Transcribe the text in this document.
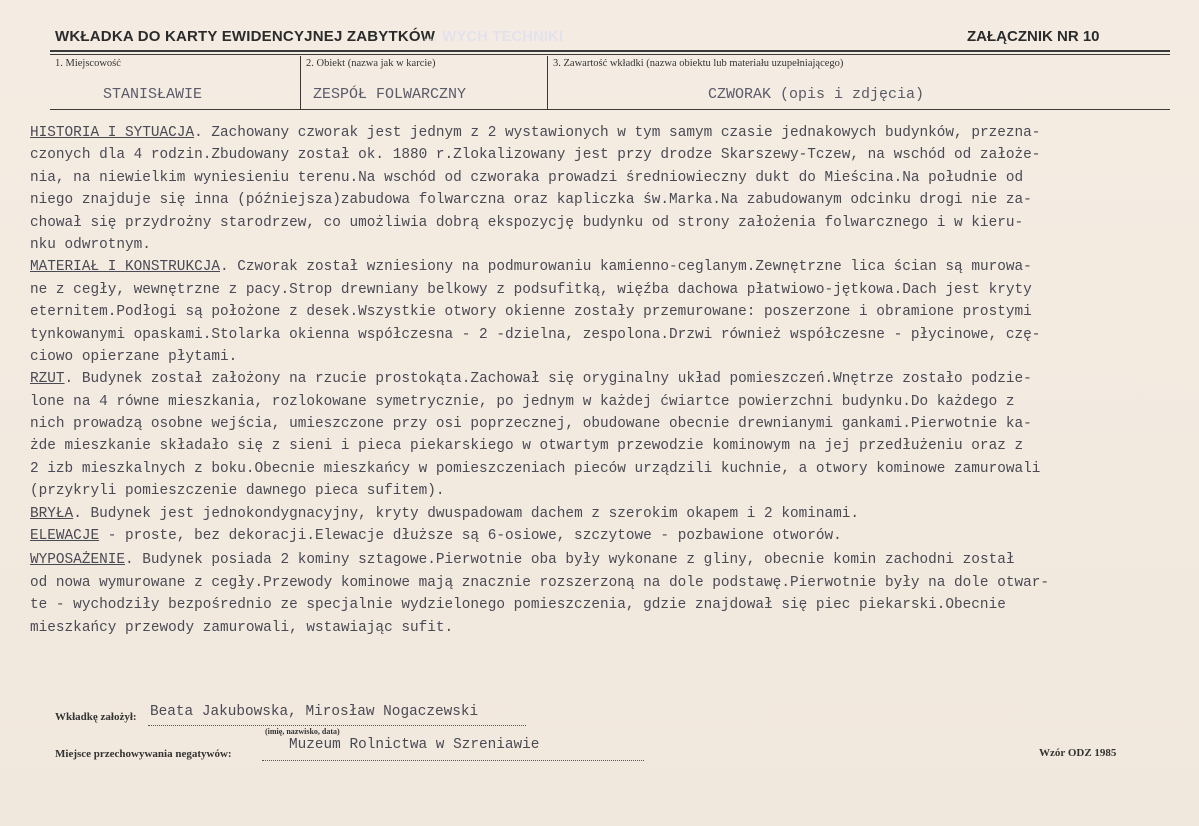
WKŁADKA DO KARTY EWIDENCYJNEJ ZABYTKÓW
… WYCH TECHNIKI	ZAŁĄCZNIK NR 10
1. Miejscowość
STANISŁAWIE
2. Obiekt (nazwa jak w karcie)
ZESPÓŁ FOLWARCZNY
3. Zawartość wkładki (nazwa obiektu lub materiału uzupełniającego)
CZWORAK (opis i zdjęcia)
HISTORIA I SYTUACJA. Zachowany czworak jest jednym z 2 wystawionych w tym samym czasie jednakowych budynków, przezna-
czonych dla 4 rodzin.Zbudowany został ok. 1880 r.Zlokalizowany jest przy drodze Skarszewy-Tczew, na wschód od założe-
nia, na niewielkim wyniesieniu terenu.Na wschód od czworaka prowadzi średniowieczny dukt do Mieścina.Na południe od
niego znajduje się inna (późniejsza)zabudowa folwarczna oraz kapliczka św.Marka.Na zabudowanym odcinku drogi nie za-
chował się przydrożny starodrzew, co umożliwia dobrą ekspozycję budynku od strony założenia folwarcznego i w kieru-
nku odwrotnym.
MATERIAŁ I KONSTRUKCJA. Czworak został wzniesiony na podmurowaniu kamienno-ceglanym.Zewnętrzne lica ścian są murowa-
ne z cegły, wewnętrzne z pacy.Strop drewniany belkowy z podsufitką, więźba dachowa płatwiowo-jętkowa.Dach jest kryty
eternitem.Podłogi są położone z desek.Wszystkie otwory okienne zostały przemurowane: poszerzone i obramione prostymi
tynkowanymi opaskami.Stolarka okienna współczesna - 2 -dzielna, zespolona.Drzwi również współczesne - płycinowe, czę-
ciowo opierzane płytami.
RZUT. Budynek został założony na rzucie prostokąta.Zachował się oryginalny układ pomieszczeń.Wnętrze zostało podzie-
lone na 4 równe mieszkania, rozlokowane symetrycznie, po jednym w każdej ćwiartce powierzchni budynku.Do każdego z
nich prowadzą osobne wejścia, umieszczone przy osi poprzecznej, obudowane obecnie drewnianymi gankami.Pierwotnie ka-
żde mieszkanie składało się z sieni i pieca piekarskiego w otwartym przewodzie kominowym na jej przedłużeniu oraz z
2 izb mieszkalnych z boku.Obecnie mieszkańcy w pomieszczeniach pieców urządzili kuchnie, a otwory kominowe zamurowali
(przykryli pomieszczenie dawnego pieca sufitem).
BRYŁA. Budynek jest jednokondygnacyjny, kryty dwuspadowam dachem z szerokim okapem i 2 kominami.
ELEWACJE - proste, bez dekoracji.Elewacje dłuższe są 6-osiowe, szczytowe - pozbawione otworów.
WYPOSAŻENIE. Budynek posiada 2 kominy sztagowe.Pierwotnie oba były wykonane z gliny, obecnie komin zachodni został
od nowa wymurowane z cegły.Przewody kominowe mają znacznie rozszerzoną na dole podstawę.Pierwotnie były na dole otwar-
te - wychodziły bezpośrednio ze specjalnie wydzielonego pomieszczenia, gdzie znajdował się piec piekarski.Obecnie
mieszkańcy przewody zamurowali, wstawiając sufit.
Wkładkę założył: Beata Jakubowska, Mirosław Nogaczewski
(imię, nazwisko, data)
Miejsce przechowywania negatywów:
Muzeum Rolnictwa w Szreniawie	Wzór ODZ 1985
